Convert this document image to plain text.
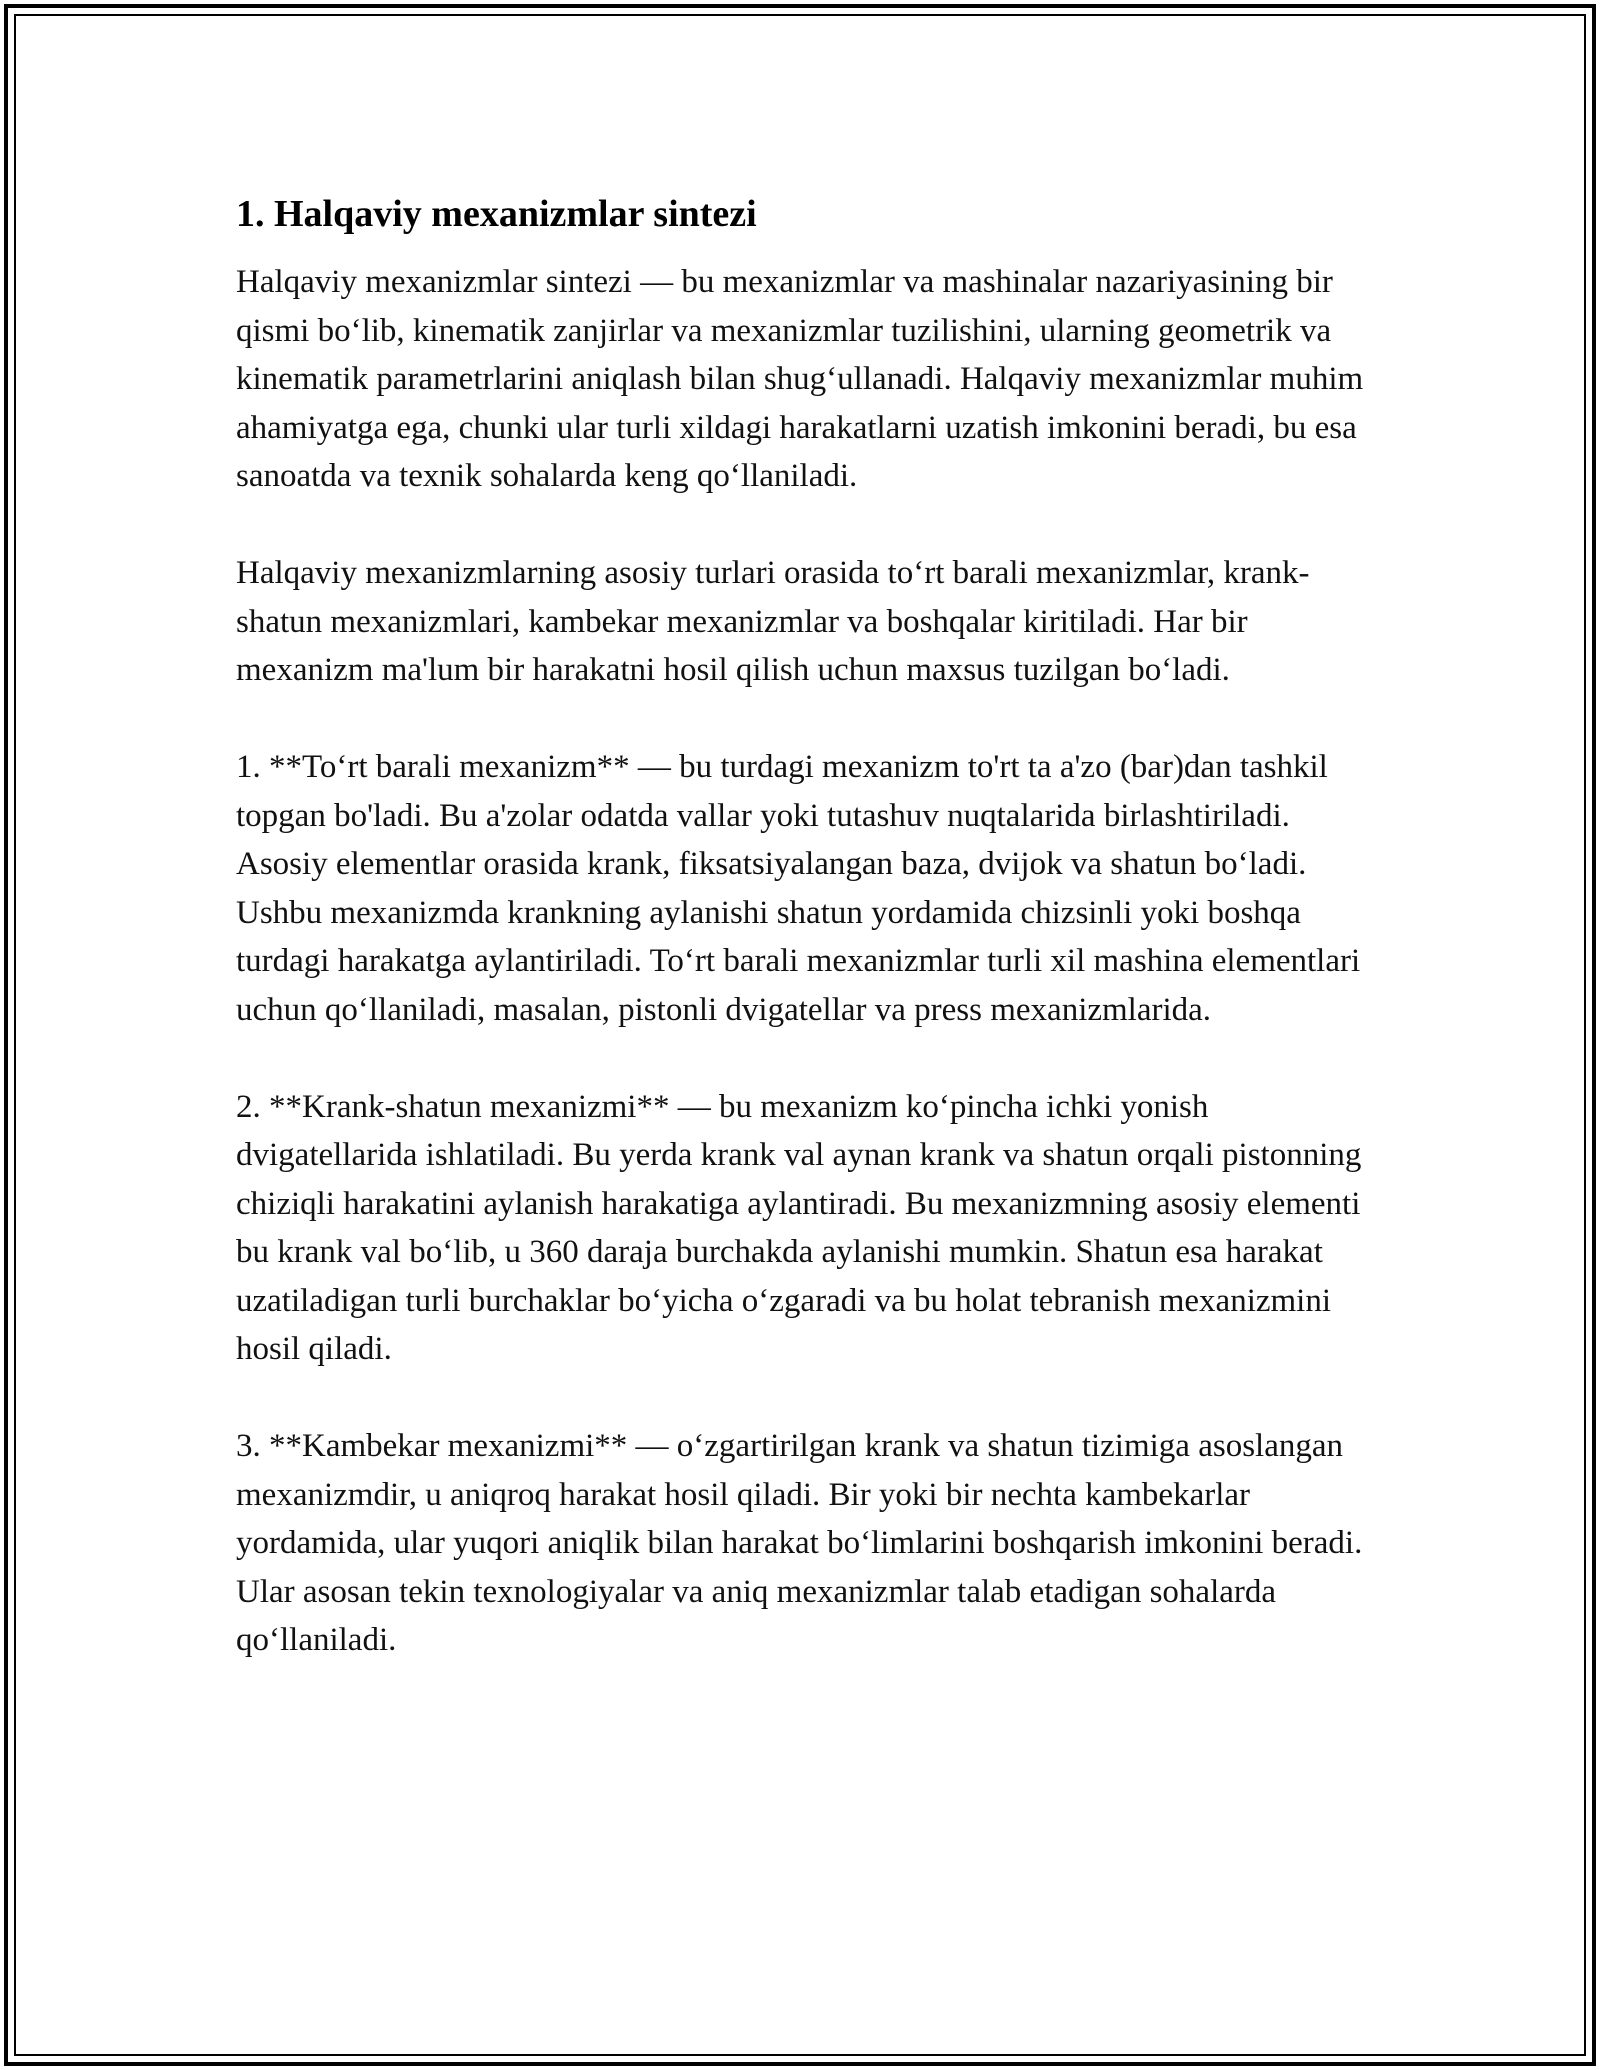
1. Halqaviy mexanizmlar sintezi

Halqaviy mexanizmlar sintezi — bu mexanizmlar va mashinalar nazariyasining bir qismi bo‘lib, kinematik zanjirlar va mexanizmlar tuzilishini, ularning geometrik va kinematik parametrlarini aniqlash bilan shug‘ullanadi. Halqaviy mexanizmlar muhim ahamiyatga ega, chunki ular turli xildagi harakatlarni uzatish imkonini beradi, bu esa sanoatda va texnik sohalarda keng qo‘llaniladi.

Halqaviy mexanizmlarning asosiy turlari orasida to‘rt barali mexanizmlar, krank-shatun mexanizmlari, kambekar mexanizmlar va boshqalar kiritiladi. Har bir mexanizm ma'lum bir harakatni hosil qilish uchun maxsus tuzilgan bo‘ladi.

1. **To‘rt barali mexanizm** — bu turdagi mexanizm to'rt ta a'zo (bar)dan tashkil topgan bo'ladi. Bu a'zolar odatda vallar yoki tutashuv nuqtalarida birlashtiriladi. Asosiy elementlar orasida krank, fiksatsiyalangan baza, dvijok va shatun bo‘ladi. Ushbu mexanizmda krankning aylanishi shatun yordamida chizsinli yoki boshqa turdagi harakatga aylantiriladi. To‘rt barali mexanizmlar turli xil mashina elementlari uchun qo‘llaniladi, masalan, pistonli dvigatellar va press mexanizmlarida.

2. **Krank-shatun mexanizmi** — bu mexanizm ko‘pincha ichki yonish dvigatellarida ishlatiladi. Bu yerda krank val aynan krank va shatun orqali pistonning chiziqli harakatini aylanish harakatiga aylantiradi. Bu mexanizmning asosiy elementi bu krank val bo‘lib, u 360 daraja burchakda aylanishi mumkin. Shatun esa harakat uzatiladigan turli burchaklar bo‘yicha o‘zgaradi va bu holat tebranish mexanizmini hosil qiladi.

3. **Kambekar mexanizmi** — o‘zgartirilgan krank va shatun tizimiga asoslangan mexanizmdir, u aniqroq harakat hosil qiladi. Bir yoki bir nechta kambekarlar yordamida, ular yuqori aniqlik bilan harakat bo‘limlarini boshqarish imkonini beradi. Ular asosan tekin texnologiyalar va aniq mexanizmlar talab etadigan sohalarda qo‘llaniladi.
